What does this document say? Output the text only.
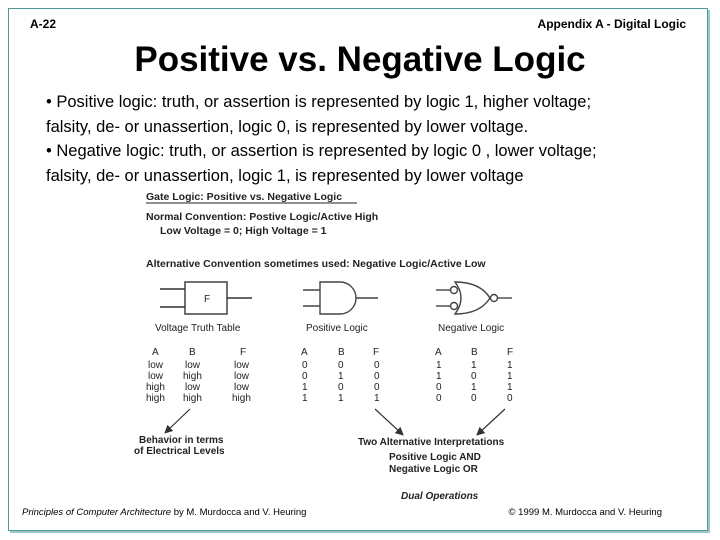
A-22	Appendix A - Digital Logic
Positive vs. Negative Logic

• Positive logic: truth, or assertion is represented by logic 1, higher voltage;

falsity, de- or unassertion, logic 0, is represented by lower voltage.

• Negative logic: truth, or assertion is represented by logic 0 , lower voltage;

falsity, de- or unassertion, logic 1, is represented by lower voltage

Gate Logic: Positive vs. Negative Logic
Normal Convention: Postive Logic/Active High
Low Voltage = 0; High Voltage = 1
Alternative Convention sometimes used: Negative Logic/Active Low
F
Voltage Truth Table	Positive Logic	Negative Logic
A	B	F
low low	low
low high	low
high low	low
high high	high
A	B	F
0	0	0
0	1	0
1	0	0
1	1	1
A	B	F
1	1	1
1	0	1
0	1	1
0	0	0
Behavior in terms
of Electrical Levels
Two Alternative Interpretations
Positive Logic AND
Negative Logic OR
Dual Operations
Principles of Computer Architecture by M. Murdocca and V. Heuring	© 1999 M. Murdocca and V. Heuring
